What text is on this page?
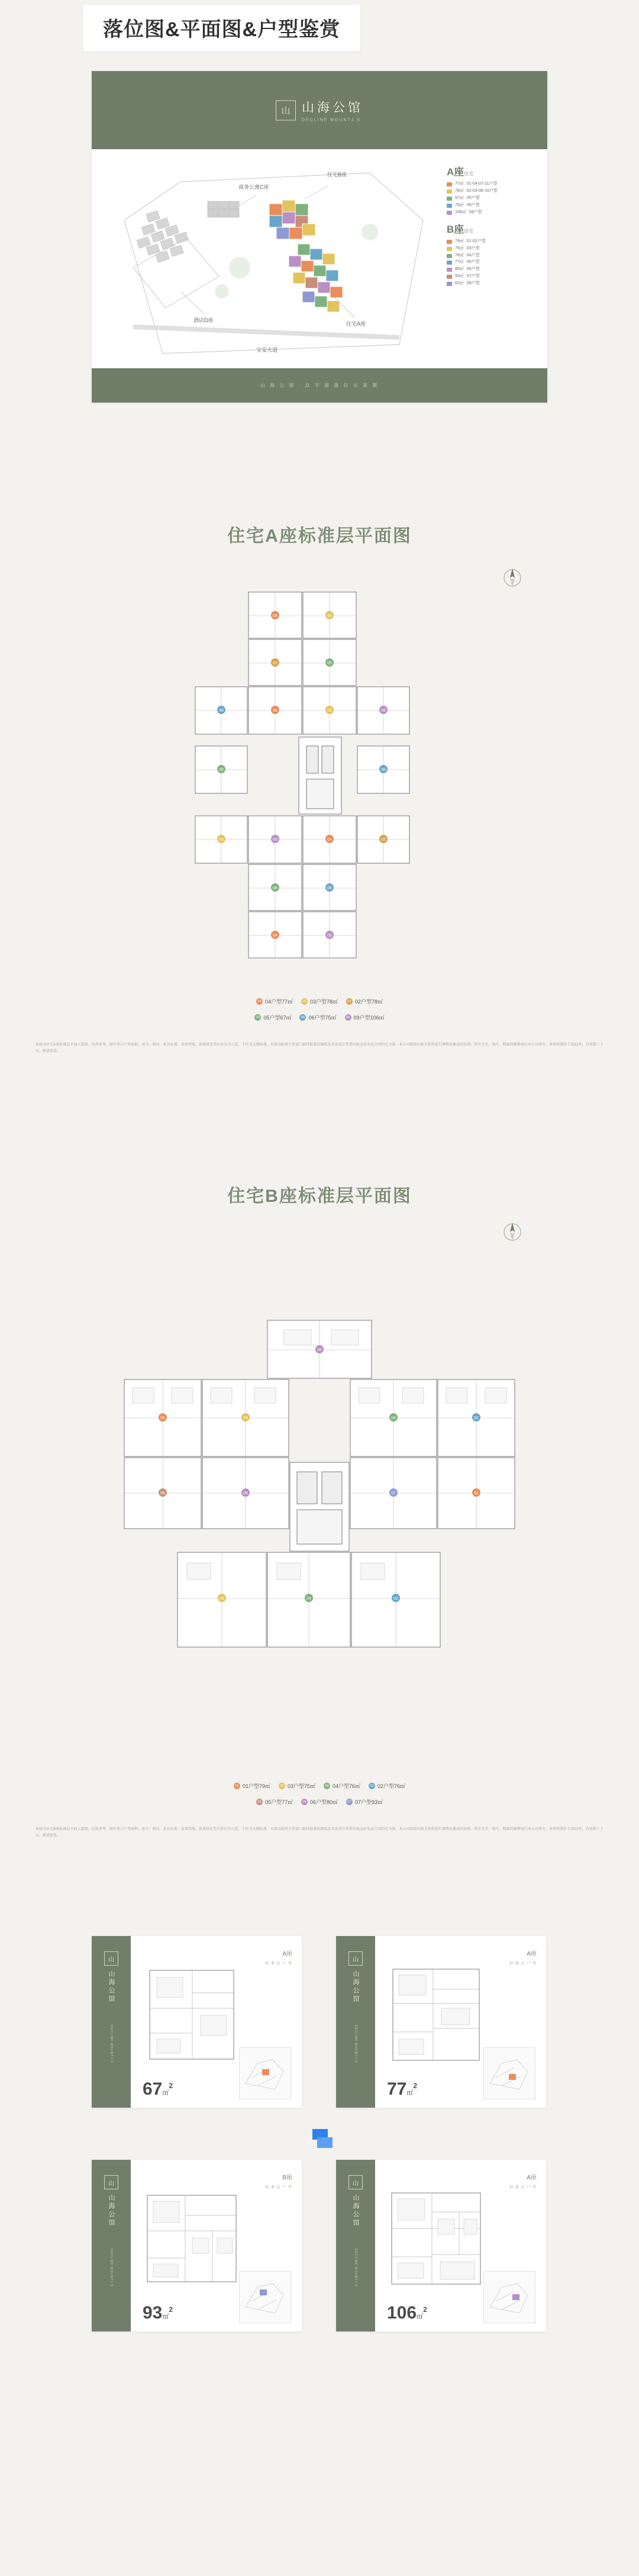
落位图&平面图&户型鉴赏
山 山海公馆
DECLINE MOUNTJ.S
商务公寓C座
住宅B座
酒店D座
住宅A座
宝安大道
A座住宅
77㎡ 01-04-07-11户型
78㎡ 02-03-08-10户型
67㎡ 05户型
75㎡ 06户型
106㎡ 09户型
B座住宅
79㎡ 01-02户型
75㎡ 03户型
76㎡ 04户型
77㎡ 05户型
80㎡ 06户型
93㎡ 07户型
62㎡ 08户型
山 海 公 馆 · 总 平 面 落 位 示 意 图
住宅A座标准层平面图
04	03
02	05
06	09
04	03
05	06
09	04
03	02
05	06
04	09
04 04户型77㎡	03 03户型78㎡	02 02户型78㎡
05 05户型67㎡	06 06户型75㎡	09 09户型106㎡
本图为住宅A座标准层平面示意图，仅供参考。图中所示户型面积、房号、朝向、家具布置、设备管线、景观绿化等内容仅为示意，不作为交楼标准，具体以政府主管部门最终批准的图纸及买卖双方签署的商品房买卖合同约定为准。本公司保留对相关资料进行调整及修改的权利。所有文字、图片、数据的解释权归本公司所有，本资料制作于2021年，有效期三十天，敬请留意。
住宅B座标准层平面图
01	03	04	02
05	06	07	01
03	04	02
06
01 01户型79㎡	03 03户型75㎡	04 04户型76㎡	02 02户型76㎡
05 05户型77㎡	06 06户型80㎡	07 07户型93㎡
本图为住宅B座标准层平面示意图，仅供参考。图中所示户型面积、房号、朝向、家具布置、设备管线、景观绿化等内容仅为示意，不作为交楼标准，具体以政府主管部门最终批准的图纸及买卖双方签署的商品房买卖合同约定为准。本公司保留对相关资料进行调整及修改的权利。所有文字、图片、数据的解释权归本公司所有，本资料制作于2021年，有效期三十天，敬请留意。
山
山海公馆
DECLINE MOUNTJ.S
A座
标 准 层 户 型
67㎡$^2$
山
山海公馆
DECLINE MOUNTJ.S
A座
标 准 层 户 型
77㎡$^2$
山
山海公馆
DECLINE MOUNTJ.S
B座
标 准 层 户 型
93㎡$^2$
山
山海公馆
DECLINE MOUNTJ.S
A座
标 准 层 户 型
106㎡$^2$
